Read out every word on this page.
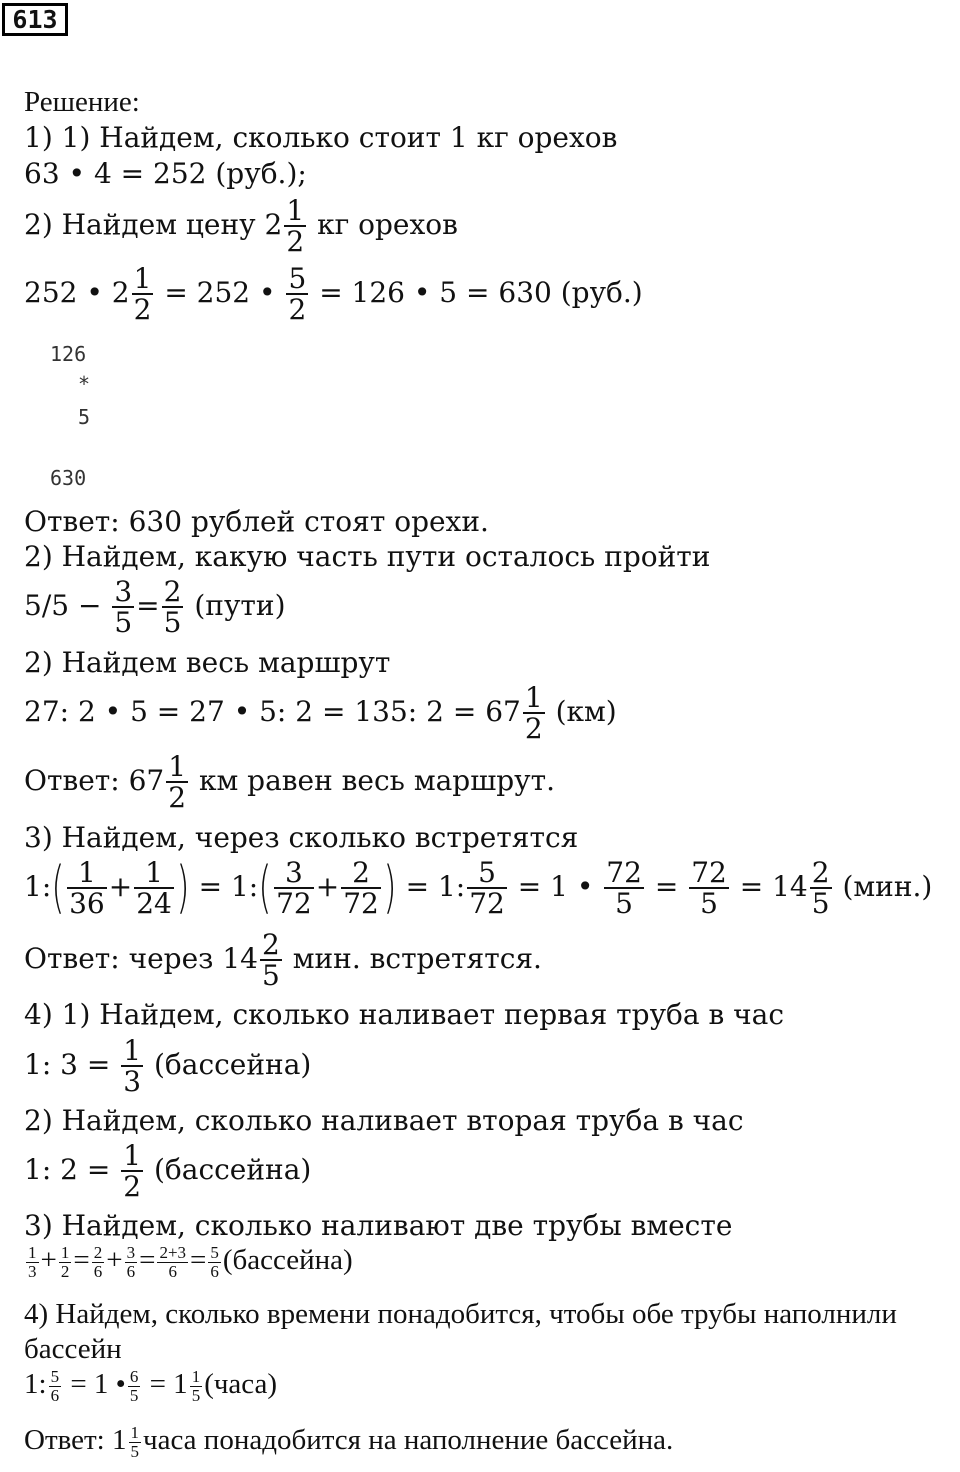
613
Решение:
1) 1) Найдем, сколько стоит 1 кг орехов
63 • 4 = 252 (руб.);
2) Найдем цену $2 \frac{1}{2}$ кг орехов
252 • $2 \frac{1}{2} = 252$ • $\frac{5}{2} = 126$ • 5 = 630 (руб.)
126
*
5
630
Ответ: 630 рублей стоят орехи.
2) Найдем, какую часть пути осталось пройти
$5/5 - \frac{3}{5} = \frac{2}{5}$ (пути)
2) Найдем весь маршрут
27: 2 • 5 = 27 • 5: 2 = 135: $2 = 67 \frac{1}{2} (км)$
Ответ: $67 \frac{1}{2}$ км равен весь маршрут.
3) Найдем, через сколько встретятся
1:( $\frac{1}{36} + \frac{1}{24}$ ) = 1:( $\frac{3}{72} + \frac{2}{72}$ ) = 1: $\frac{5}{72} = 1$ • $\frac{72}{5} = \frac{72}{5} = 14 \frac{2}{5} (мин.)$
Ответ: через $14 \frac{2}{5}$ мин. встретятся.
4) 1) Найдем, сколько наливает первая труба в час
1: $3 = \frac{1}{3}$ (бассейна)
2) Найдем, сколько наливает вторая труба в час
1: $2 = \frac{1}{2}$ (бассейна)
3) Найдем, сколько наливают две трубы вместе
$\frac{1}{3} + \frac{1}{2} = \frac{2}{6} + \frac{3}{6} = \frac{2+3}{6} = \frac{5}{6}$ (бассейна)
4) Найдем, сколько времени понадобится, чтобы обе трубы наполнили
бассейн
1: $\frac{5}{6} = 1$ • $\frac{6}{5} = 1 \frac{1}{5}$ (часа)
Ответ: $1 \frac{1}{5}$ часа понадобится на наполнение бассейна.
